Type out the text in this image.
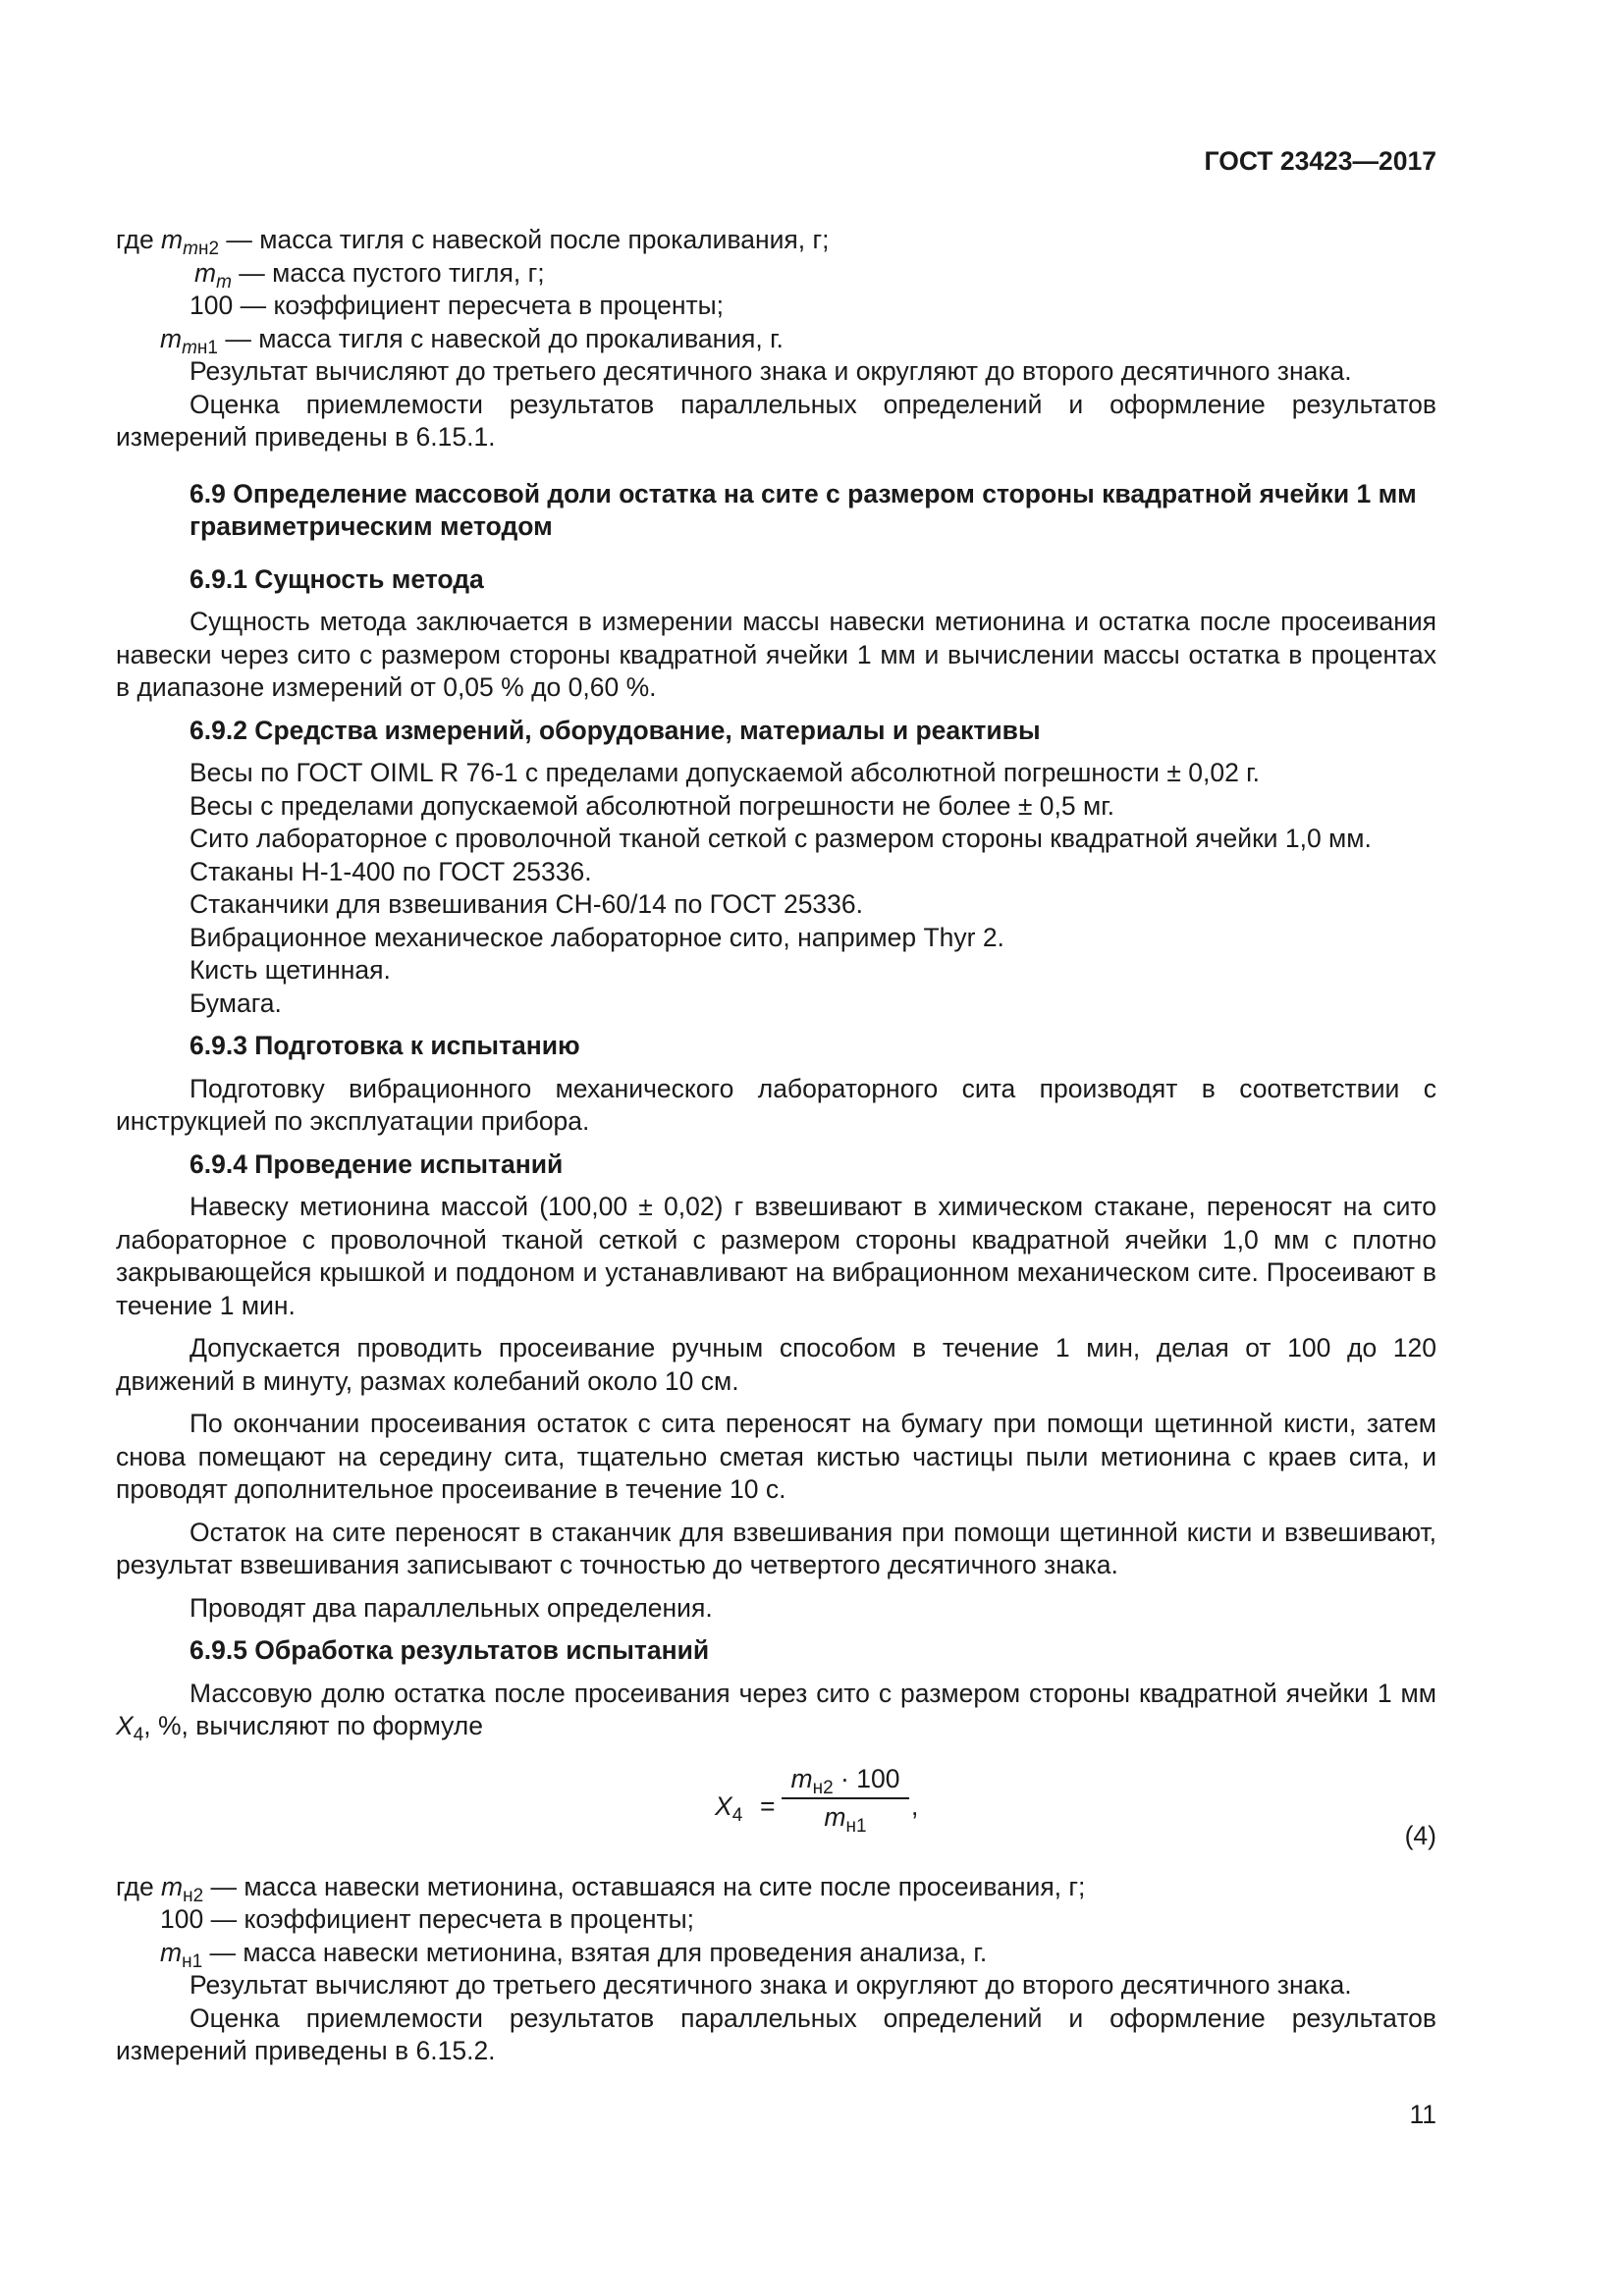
ГОСТ 23423—2017

где $m_{тн2}$ — масса тигля с навеской после прокаливания, г;

$m_т$ — масса пустого тигля, г;

100 — коэффициент пересчета в проценты;

$m_{тн1}$ — масса тигля с навеской до прокаливания, г.

Результат вычисляют до третьего десятичного знака и округляют до второго десятичного знака.

Оценка приемлемости результатов параллельных определений и оформление результатов измерений приведены в 6.15.1.

6.9 Определение массовой доли остатка на сите с размером стороны квадратной ячейки 1 мм гравиметрическим методом

6.9.1 Сущность метода

Сущность метода заключается в измерении массы навески метионина и остатка после просеивания навески через сито с размером стороны квадратной ячейки 1 мм и вычислении массы остатка в процентах в диапазоне измерений от 0,05 % до 0,60 %.

6.9.2 Средства измерений, оборудование, материалы и реактивы

Весы по ГОСТ OIML R 76-1 с пределами допускаемой абсолютной погрешности ± 0,02 г.

Весы с пределами допускаемой абсолютной погрешности не более ± 0,5 мг.

Сито лабораторное с проволочной тканой сеткой с размером стороны квадратной ячейки 1,0 мм.

Стаканы Н-1-400 по ГОСТ 25336.

Стаканчики для взвешивания СН-60/14 по ГОСТ 25336.

Вибрационное механическое лабораторное сито, например Thyr 2.

Кисть щетинная.

Бумага.

6.9.3 Подготовка к испытанию

Подготовку вибрационного механического лабораторного сита производят в соответствии с инструкцией по эксплуатации прибора.

6.9.4 Проведение испытаний

Навеску метионина массой (100,00 ± 0,02) г взвешивают в химическом стакане, переносят на сито лабораторное с проволочной тканой сеткой с размером стороны квадратной ячейки 1,0 мм с плотно закрывающейся крышкой и поддоном и устанавливают на вибрационном механическом сите. Просеивают в течение 1 мин.

Допускается проводить просеивание ручным способом в течение 1 мин, делая от 100 до 120 движений в минуту, размах колебаний около 10 см.

По окончании просеивания остаток с сита переносят на бумагу при помощи щетинной кисти, затем снова помещают на середину сита, тщательно сметая кистью частицы пыли метионина с краев сита, и проводят дополнительное просеивание в течение 10 с.

Остаток на сите переносят в стаканчик для взвешивания при помощи щетинной кисти и взвешивают, результат взвешивания записывают с точностью до четвертого десятичного знака.

Проводят два параллельных определения.

6.9.5 Обработка результатов испытаний

Массовую долю остатка после просеивания через сито с размером стороны квадратной ячейки 1 мм $X_4$, %, вычисляют по формуле

$X_4$ =
$m_{н2} \cdot 100$
$m_{н1}$
,
(4)

где $m_{н2}$ — масса навески метионина, оставшаяся на сите после просеивания, г;

100 — коэффициент пересчета в проценты;

$m_{н1}$ — масса навески метионина, взятая для проведения анализа, г.

Результат вычисляют до третьего десятичного знака и округляют до второго десятичного знака.

Оценка приемлемости результатов параллельных определений и оформление результатов измерений приведены в 6.15.2.

11
